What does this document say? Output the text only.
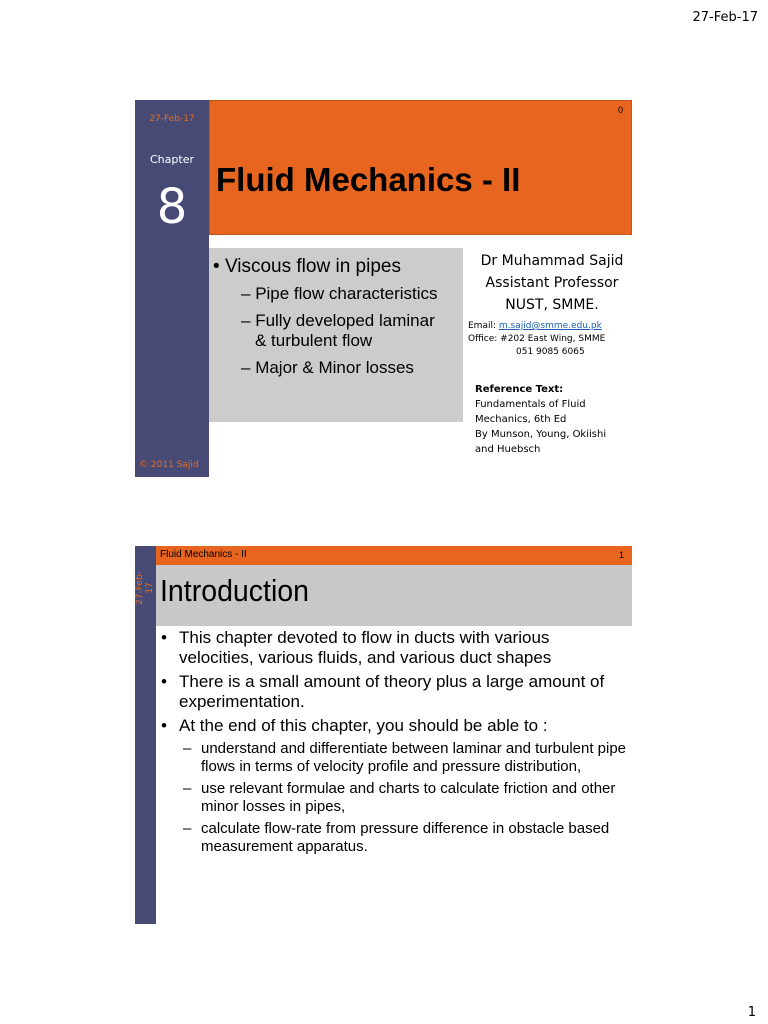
27-Feb-17
27-Feb-17
Chapter
8
© 2011 Sajid
0
Fluid Mechanics - II
• Viscous flow in pipes
– Pipe flow characteristics
– Fully developed laminar
& turbulent flow
– Major & Minor losses
Dr Muhammad Sajid
Assistant Professor
NUST, SMME.
Email: m.sajid@smme.edu.pk
Office: #202 East Wing, SMME
051 9085 6065
Reference Text:
Fundamentals of Fluid
Mechanics, 6th Ed
By Munson, Young, Okiishi
and Huebsch
27-Feb-17
Fluid Mechanics - II	1
Introduction
• This chapter devoted to flow in ducts with various velocities, various fluids, and various duct shapes
• There is a small amount of theory plus a large amount of experimentation.
• At the end of this chapter, you should be able to :
– understand and differentiate between laminar and turbulent pipe flows in terms of velocity profile and pressure distribution,
– use relevant formulae and charts to calculate friction and other minor losses in pipes,
– calculate flow-rate from pressure difference in obstacle based measurement apparatus.
1
